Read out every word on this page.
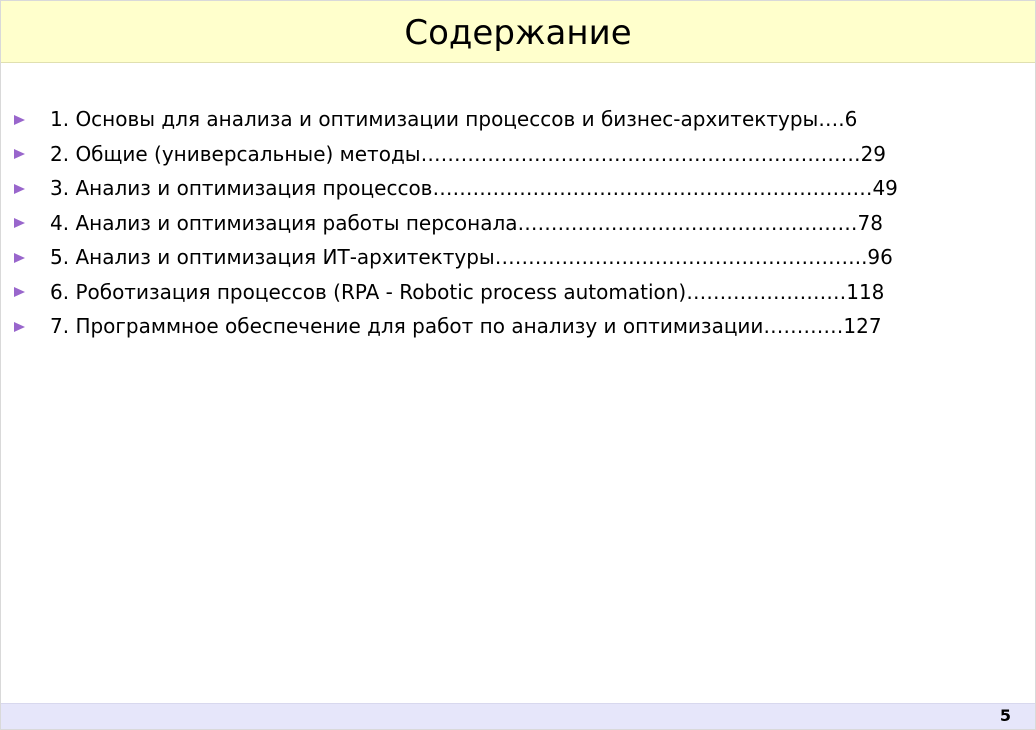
Содержание
1. Основы для анализа и оптимизации процессов и бизнес-архитектуры….6
2. Общие (универсальные) методы…………………………………………………………29
3. Анализ и оптимизация процессов…………………………………………………………49
4. Анализ и оптимизация работы персонала……………………………………………78
5. Анализ и оптимизация ИТ-архитектуры………………………………………………..96
6. Роботизация процессов (RPA - Robotic process automation)……………………118
7. Программное обеспечение для работ по анализу и оптимизации…………127
5
